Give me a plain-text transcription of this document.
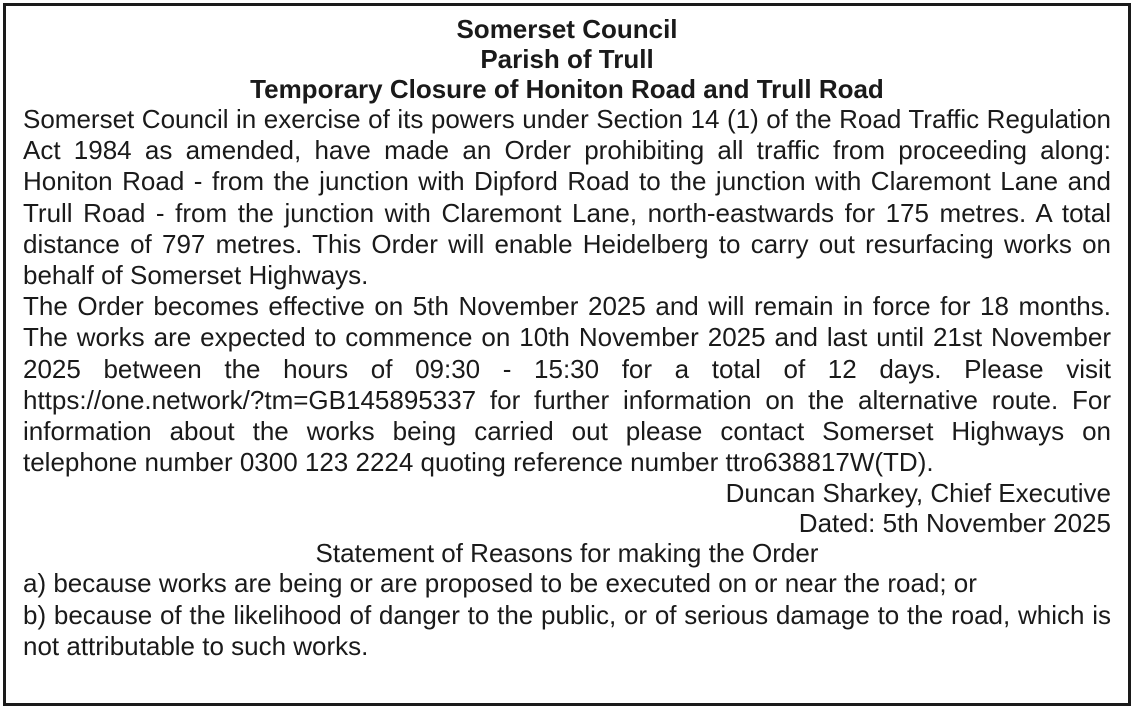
Somerset Council
Parish of Trull
Temporary Closure of Honiton Road and Trull Road

Somerset Council in exercise of its powers under Section 14 (1) of the Road Traffic Regulation Act 1984 as amended, have made an Order prohibiting all traffic from proceeding along: Honiton Road - from the junction with Dipford Road to the junction with Claremont Lane and Trull Road - from the junction with Claremont Lane, north-eastwards for 175 metres. A total distance of 797 metres. This Order will enable Heidelberg to carry out resurfacing works on behalf of Somerset Highways.

The Order becomes effective on 5th November 2025 and will remain in force for 18 months. The works are expected to commence on 10th November 2025 and last until 21st November 2025 between the hours of 09:30 - 15:30 for a total of 12 days. Please visit https://one.network/?tm=GB145895337 for further information on the alternative route. For information about the works being carried out please contact Somerset Highways on telephone number 0300 123 2224 quoting reference number ttro638817W(TD).

Duncan Sharkey, Chief Executive

Dated: 5th November 2025

Statement of Reasons for making the Order

a) because works are being or are proposed to be executed on or near the road; or
b) because of the likelihood of danger to the public, or of serious damage to the road, which is not attributable to such works.
